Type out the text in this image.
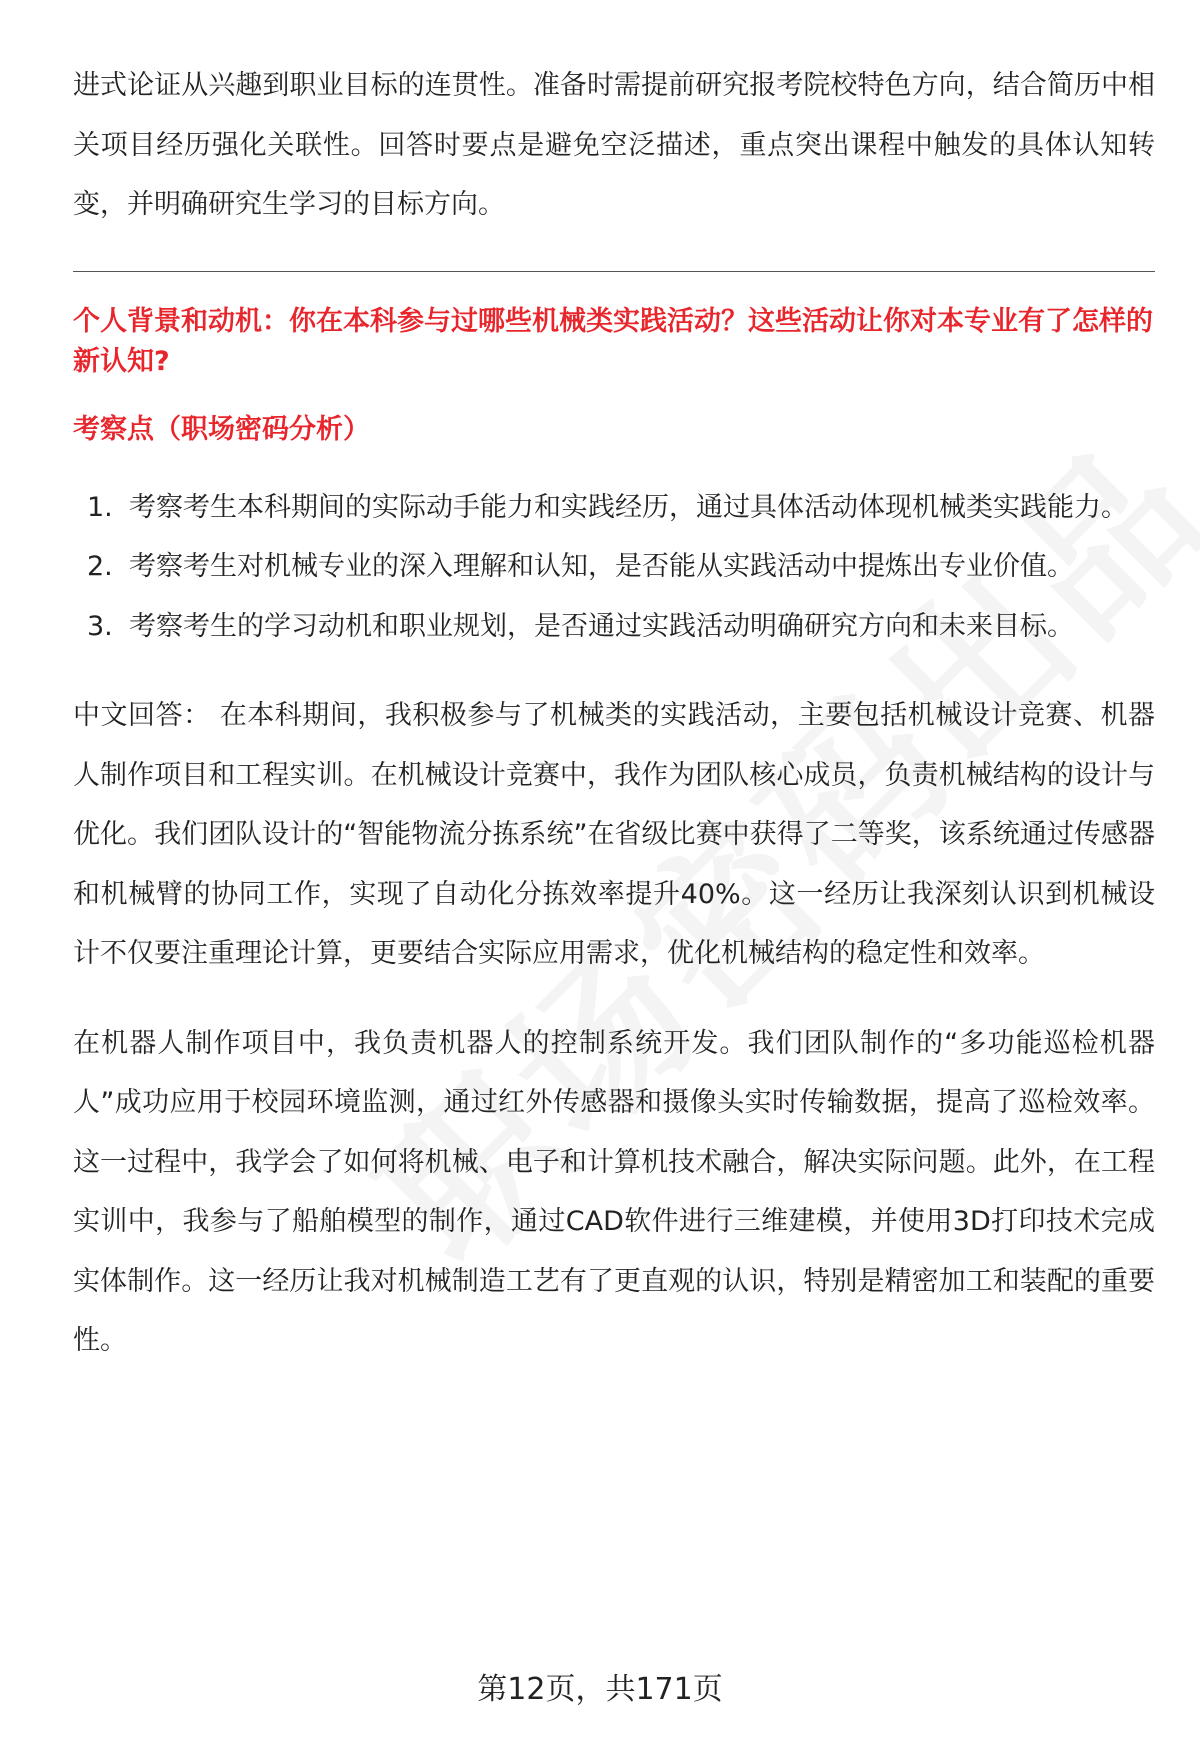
进式论证从兴趣到职业目标的连贯性。准备时需提前研究报考院校特色方向，结合简历中相关项目经历强化关联性。回答时要点是避免空泛描述，重点突出课程中触发的具体认知转变，并明确研究生学习的目标方向。

个人背景和动机：你在本科参与过哪些机械类实践活动？这些活动让你对本专业有了怎样的新认知?

考察点（职场密码分析）

1. 考察考生本科期间的实际动手能力和实践经历，通过具体活动体现机械类实践能力。
2. 考察考生对机械专业的深入理解和认知，是否能从实践活动中提炼出专业价值。
3. 考察考生的学习动机和职业规划，是否通过实践活动明确研究方向和未来目标。

中文回答： 在本科期间，我积极参与了机械类的实践活动，主要包括机械设计竞赛、机器人制作项目和工程实训。在机械设计竞赛中，我作为团队核心成员，负责机械结构的设计与优化。我们团队设计的“智能物流分拣系统”在省级比赛中获得了二等奖，该系统通过传感器和机械臂的协同工作，实现了自动化分拣效率提升40%。这一经历让我深刻认识到机械设计不仅要注重理论计算，更要结合实际应用需求，优化机械结构的稳定性和效率。

在机器人制作项目中，我负责机器人的控制系统开发。我们团队制作的“多功能巡检机器人”成功应用于校园环境监测，通过红外传感器和摄像头实时传输数据，提高了巡检效率。这一过程中，我学会了如何将机械、电子和计算机技术融合，解决实际问题。此外，在工程实训中，我参与了船舶模型的制作，通过CAD软件进行三维建模，并使用3D打印技术完成实体制作。这一经历让我对机械制造工艺有了更直观的认识，特别是精密加工和装配的重要性。

第12页，共171页
